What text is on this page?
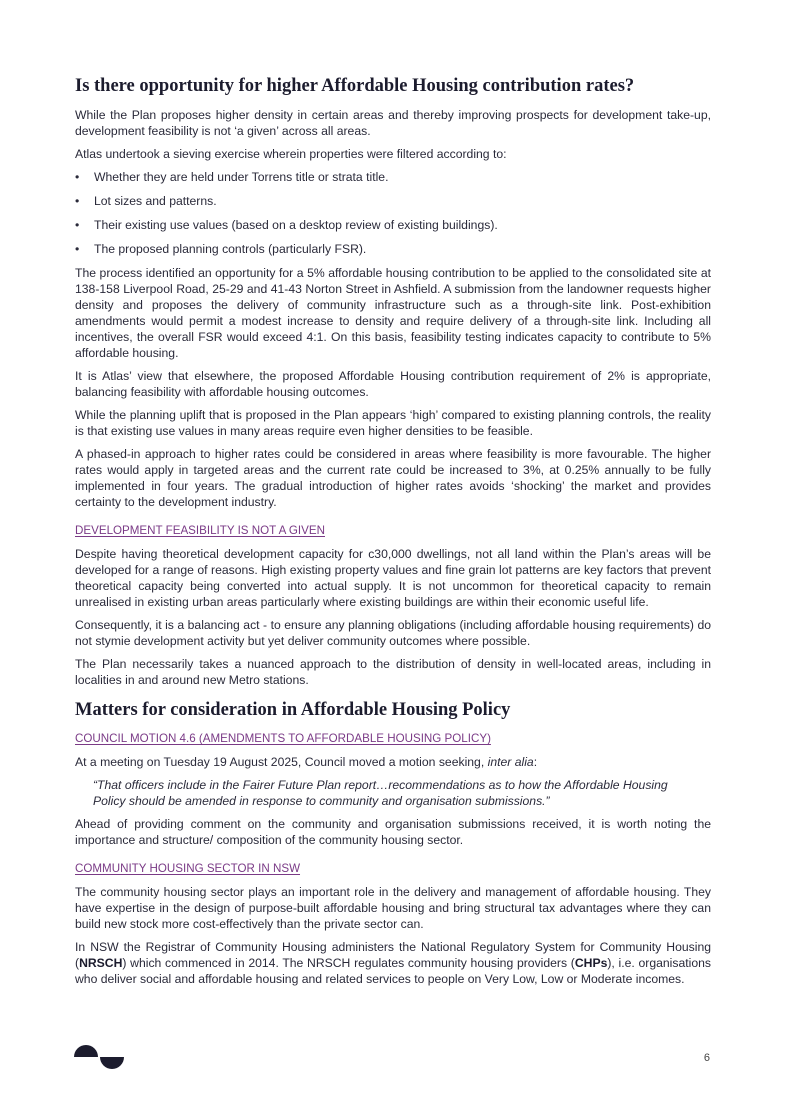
Is there opportunity for higher Affordable Housing contribution rates?

While the Plan proposes higher density in certain areas and thereby improving prospects for development take-up, development feasibility is not ‘a given’ across all areas.

Atlas undertook a sieving exercise wherein properties were filtered according to:

• Whether they are held under Torrens title or strata title.
• Lot sizes and patterns.
• Their existing use values (based on a desktop review of existing buildings).
• The proposed planning controls (particularly FSR).

The process identified an opportunity for a 5% affordable housing contribution to be applied to the consolidated site at 138-158 Liverpool Road, 25-29 and 41-43 Norton Street in Ashfield. A submission from the landowner requests higher density and proposes the delivery of community infrastructure such as a through-site link. Post-exhibition amendments would permit a modest increase to density and require delivery of a through-site link. Including all incentives, the overall FSR would exceed 4:1. On this basis, feasibility testing indicates capacity to contribute to 5% affordable housing.

It is Atlas’ view that elsewhere, the proposed Affordable Housing contribution requirement of 2% is appropriate, balancing feasibility with affordable housing outcomes.

While the planning uplift that is proposed in the Plan appears ‘high’ compared to existing planning controls, the reality is that existing use values in many areas require even higher densities to be feasible.

A phased-in approach to higher rates could be considered in areas where feasibility is more favourable. The higher rates would apply in targeted areas and the current rate could be increased to 3%, at 0.25% annually to be fully implemented in four years. The gradual introduction of higher rates avoids ‘shocking’ the market and provides certainty to the development industry.

DEVELOPMENT FEASIBILITY IS NOT A GIVEN

Despite having theoretical development capacity for c30,000 dwellings, not all land within the Plan’s areas will be developed for a range of reasons. High existing property values and fine grain lot patterns are key factors that prevent theoretical capacity being converted into actual supply. It is not uncommon for theoretical capacity to remain unrealised in existing urban areas particularly where existing buildings are within their economic useful life.

Consequently, it is a balancing act - to ensure any planning obligations (including affordable housing requirements) do not stymie development activity but yet deliver community outcomes where possible.

The Plan necessarily takes a nuanced approach to the distribution of density in well-located areas, including in localities in and around new Metro stations.

Matters for consideration in Affordable Housing Policy
COUNCIL MOTION 4.6 (AMENDMENTS TO AFFORDABLE HOUSING POLICY)

At a meeting on Tuesday 19 August 2025, Council moved a motion seeking, inter alia:

“That officers include in the Fairer Future Plan report…recommendations as to how the Affordable Housing Policy should be amended in response to community and organisation submissions.”

Ahead of providing comment on the community and organisation submissions received, it is worth noting the importance and structure/ composition of the community housing sector.

COMMUNITY HOUSING SECTOR IN NSW

The community housing sector plays an important role in the delivery and management of affordable housing. They have expertise in the design of purpose-built affordable housing and bring structural tax advantages where they can build new stock more cost-effectively than the private sector can.

In NSW the Registrar of Community Housing administers the National Regulatory System for Community Housing (NRSCH) which commenced in 2014. The NRSCH regulates community housing providers (CHPs), i.e. organisations who deliver social and affordable housing and related services to people on Very Low, Low or Moderate incomes.

6
